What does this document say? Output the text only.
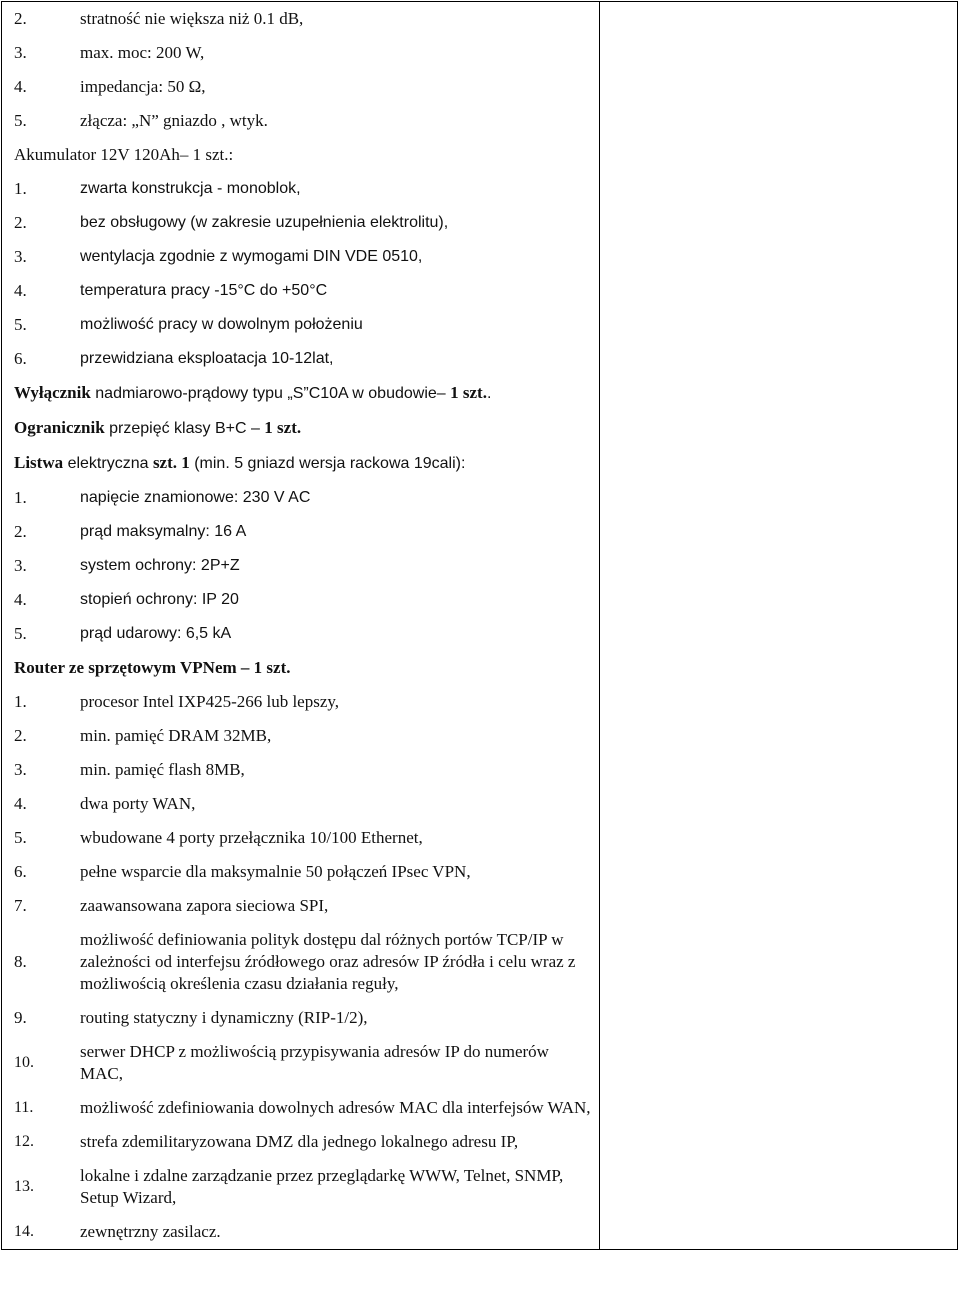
2.	stratność nie większa niż 0.1 dB,
3.	max. moc: 200 W,
4.	impedancja: 50 Ω,
5.	złącza: „N” gniazdo , wtyk.
Akumulator 12V 120Ah– 1 szt.:
1.	zwarta konstrukcja - monoblok,
2.	bez obsługowy (w zakresie uzupełnienia elektrolitu),
3.	wentylacja zgodnie z wymogami DIN VDE 0510,
4.	temperatura pracy -15°C do +50°C
5.	możliwość pracy w dowolnym położeniu
6.	przewidziana eksploatacja 10-12lat,
Wyłącznik nadmiarowo-prądowy typu „S”C10A w obudowie– 1 szt..
Ogranicznik przepięć klasy B+C – 1 szt.
Listwa elektryczna szt. 1 (min. 5 gniazd wersja rackowa 19cali):
1.	napięcie znamionowe: 230 V AC
2.	prąd maksymalny: 16 A
3.	system ochrony: 2P+Z
4.	stopień ochrony: IP 20
5.	prąd udarowy: 6,5 kA
Router ze sprzętowym VPNem – 1 szt.
1.	procesor Intel IXP425-266 lub lepszy,
2.	min. pamięć DRAM 32MB,
3.	min. pamięć flash 8MB,
4.	dwa porty WAN,
5.	wbudowane 4 porty przełącznika 10/100 Ethernet,
6.	pełne wsparcie dla maksymalnie 50 połączeń IPsec VPN,
7.	zaawansowana zapora sieciowa SPI,
8.
możliwość definiowania polityk dostępu dal różnych portów TCP/IP w zależności od interfejsu źródłowego oraz adresów IP źródła i celu wraz z możliwością określenia czasu działania reguły,
9.	routing statyczny i dynamiczny (RIP-1/2),
10.
serwer DHCP z możliwością przypisywania adresów IP do numerów MAC,
11.	możliwość zdefiniowania dowolnych adresów MAC dla interfejsów WAN,
12.	strefa zdemilitaryzowana DMZ dla jednego lokalnego adresu IP,
13.
lokalne i zdalne zarządzanie przez przeglądarkę WWW, Telnet, SNMP, Setup Wizard,
14.	zewnętrzny zasilacz.
